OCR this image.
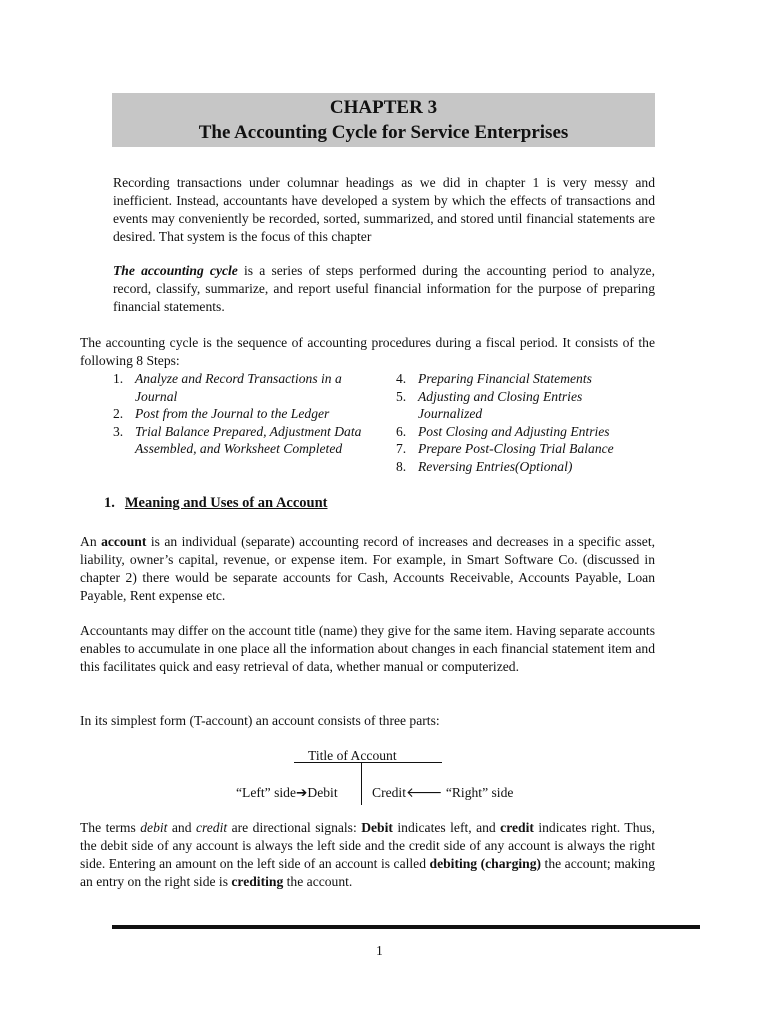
CHAPTER 3
The Accounting Cycle for Service Enterprises

Recording transactions under columnar headings as we did in chapter 1 is very messy and inefficient. Instead, accountants have developed a system by which the effects of transactions and events may conveniently be recorded, sorted, summarized, and stored until financial statements are desired. That system is the focus of this chapter

The accounting cycle is a series of steps performed during the accounting period to analyze, record, classify, summarize, and report useful financial information for the purpose of preparing financial statements.

The accounting cycle is the sequence of accounting procedures during a fiscal period. It consists of the following 8 Steps:

1. Analyze and Record Transactions in a Journal
2. Post from the Journal to the Ledger
3. Trial Balance Prepared, Adjustment Data Assembled, and Worksheet Completed
4. Preparing Financial Statements
5. Adjusting and Closing Entries Journalized
6. Post Closing and Adjusting Entries
7. Prepare Post-Closing Trial Balance
8. Reversing Entries(Optional)
1. Meaning and Uses of an Account

An account is an individual (separate) accounting record of increases and decreases in a specific asset, liability, owner’s capital, revenue, or expense item. For example, in Smart Software Co. (discussed in chapter 2) there would be separate accounts for Cash, Accounts Receivable, Accounts Payable, Loan Payable, Rent expense etc.

Accountants may differ on the account title (name) they give for the same item. Having separate accounts enables to accumulate in one place all the information about changes in each financial statement item and this facilitates quick and easy retrieval of data, whether manual or computerized.

In its simplest form (T-account) an account consists of three parts:

Title of Account
“Left” side➔Debit	Credit🡐 “Right” side

The terms debit and credit are directional signals: Debit indicates left, and credit indicates right. Thus, the debit side of any account is always the left side and the credit side of any account is always the right side. Entering an amount on the left side of an account is called debiting (charging) the account; making an entry on the right side is crediting the account.

1
